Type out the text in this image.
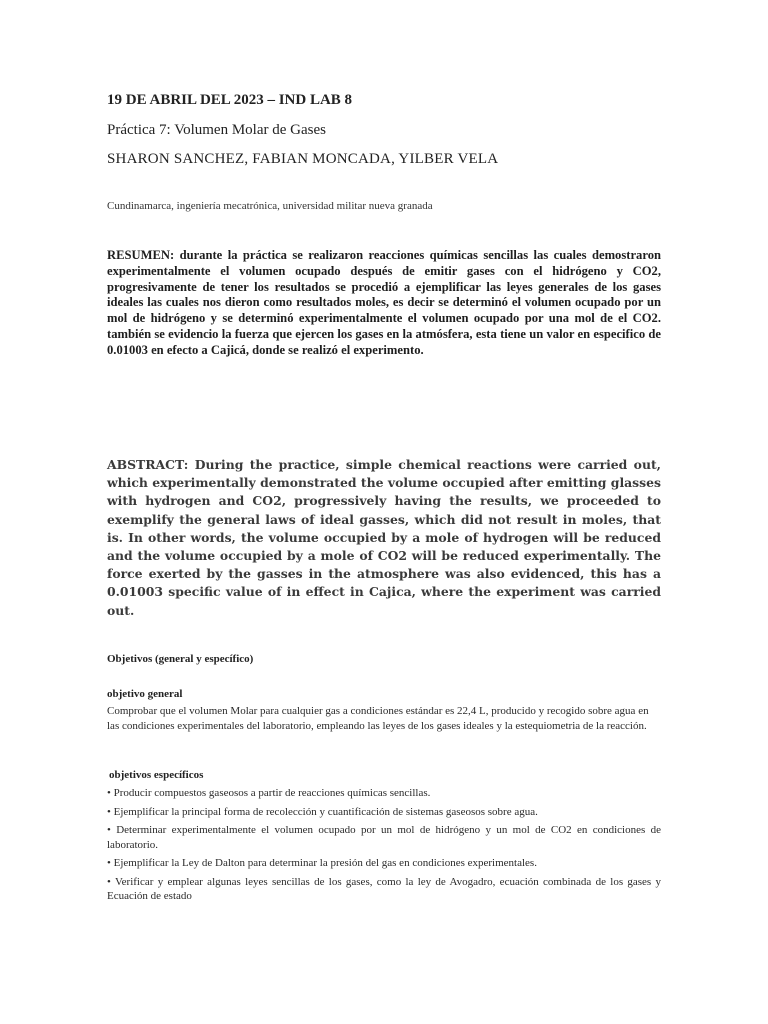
19 DE ABRIL DEL 2023 – IND LAB 8

Práctica 7: Volumen Molar de Gases

SHARON SANCHEZ, FABIAN MONCADA, YILBER VELA

Cundinamarca, ingeniería mecatrónica, universidad militar nueva granada

RESUMEN: durante la práctica se realizaron reacciones químicas sencillas las cuales demostraron experimentalmente el volumen ocupado después de emitir gases con el hidrógeno y CO2, progresivamente de tener los resultados se procedió a ejemplificar las leyes generales de los gases ideales las cuales nos dieron como resultados moles, es decir se determinó el volumen ocupado por un mol de hidrógeno y se determinó experimentalmente el volumen ocupado por una mol de el CO2. también se evidencio la fuerza que ejercen los gases en la atmósfera, esta tiene un valor en especifico de 0.01003 en efecto a Cajicá, donde se realizó el experimento.

ABSTRACT: During the practice, simple chemical reactions were carried out, which experimentally demonstrated the volume occupied after emitting glasses with hydrogen and CO2, progressively having the results, we proceeded to exemplify the general laws of ideal gasses, which did not result in moles, that is. In other words, the volume occupied by a mole of hydrogen will be reduced and the volume occupied by a mole of CO2 will be reduced experimentally. The force exerted by the gasses in the atmosphere was also evidenced, this has a 0.01003 specific value of in effect in Cajica, where the experiment was carried out.

Objetivos (general y específico)

objetivo general

Comprobar que el volumen Molar para cualquier gas a condiciones estándar es 22,4 L, producido y recogido sobre agua en las condiciones experimentales del laboratorio, empleando las leyes de los gases ideales y la estequiometria de la reacción.

objetivos específicos

• Producir compuestos gaseosos a partir de reacciones químicas sencillas.
• Ejemplificar la principal forma de recolección y cuantificación de sistemas gaseosos sobre agua.
• Determinar experimentalmente el volumen ocupado por un mol de hidrógeno y un mol de CO2 en condiciones de laboratorio.
• Ejemplificar la Ley de Dalton para determinar la presión del gas en condiciones experimentales.
• Verificar y emplear algunas leyes sencillas de los gases, como la ley de Avogadro, ecuación combinada de los gases y Ecuación de estado
